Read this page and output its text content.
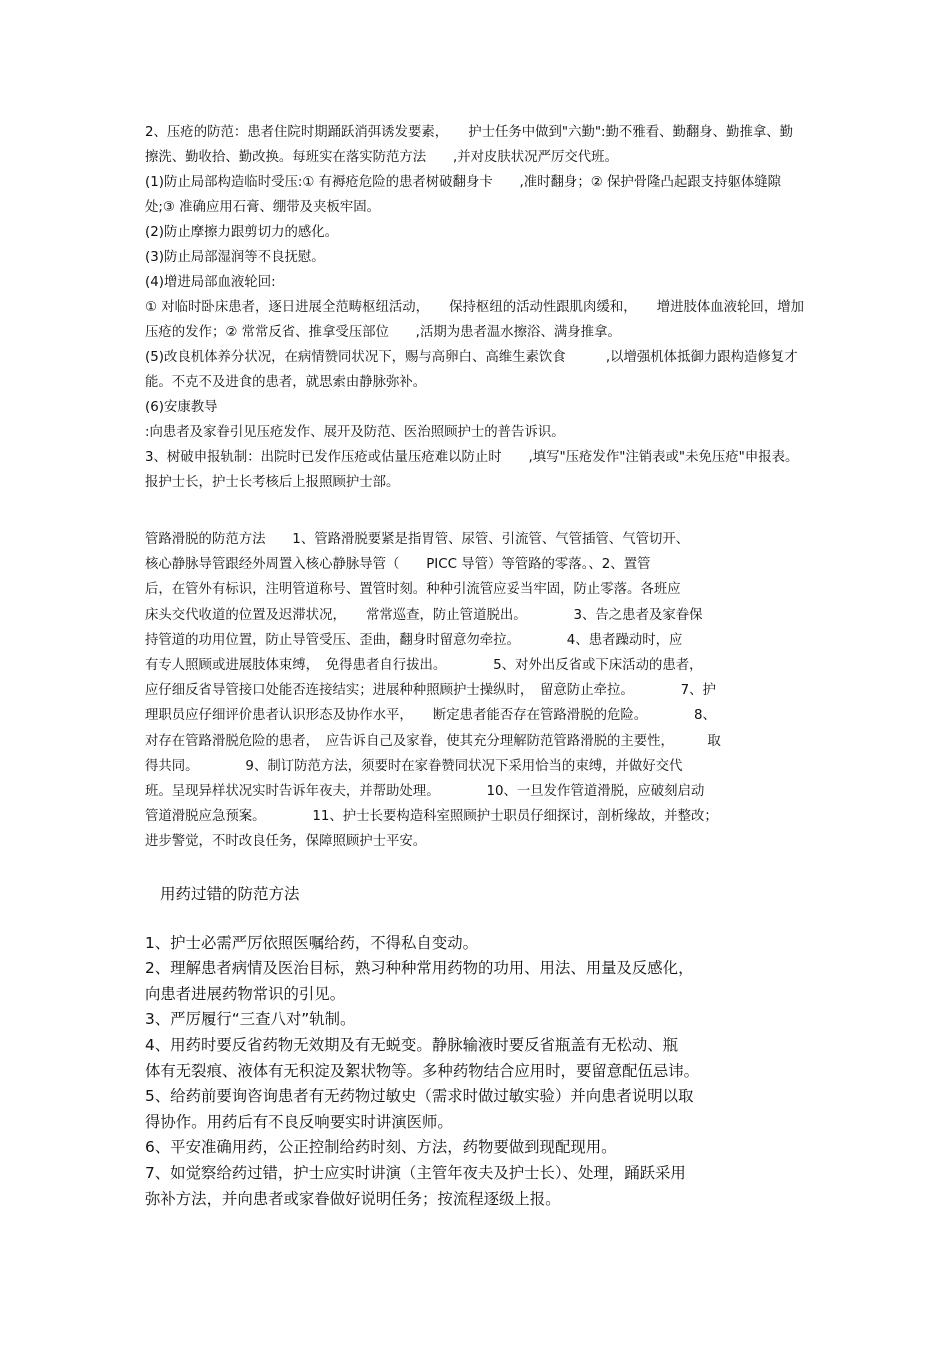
2、压疮的防范：患者住院时期踊跃消弭诱发要素，　　护士任务中做到"六勤":勤不雅看、勤翻身、勤推拿、勤擦洗、勤收拾、勤改换。每班实在落实防范方法　　,并对皮肤状况严厉交代班。

(1)防止局部构造临时受压:① 有褥疮危险的患者树破翻身卡　　,准时翻身；② 保护骨隆凸起跟支持躯体缝隙处;③ 准确应用石膏、绷带及夹板牢固。

(2)防止摩擦力跟剪切力的感化。

(3)防止局部湿润等不良抚慰。

(4)增进局部血液轮回:

① 对临时卧床患者，逐日进展全范畴枢纽活动，　　保持枢纽的活动性跟肌肉缓和，　　增进肢体血液轮回，增加压疮的发作；② 常常反省、推拿受压部位　　,活期为患者温水擦浴、满身推拿。

(5)改良机体养分状况，在病情赞同状况下，赐与高卵白、高维生素饮食　　　,以增强机体抵御力跟构造修复才能。不克不及进食的患者，就思索由静脉弥补。

(6)安康教导

:向患者及家眷引见压疮发作、展开及防范、医治照顾护士的普告诉识。

3、树破申报轨制：出院时已发作压疮或估量压疮难以防止时　　,填写"压疮发作"注销表或"未免压疮"申报表。报护士长，护士长考核后上报照顾护士部。

管路滑脱的防范方法　　1、管路滑脱要紧是指胃管、尿管、引流管、气管插管、气管切开、
核心静脉导管跟经外周置入核心静脉导管（　　PICC 导管）等管路的零落。、2、置管
后，在管外有标识，注明管道称号、置管时刻。种种引流管应妥当牢固，防止零落。各班应
床头交代收道的位置及迟滞状况，　　常常巡查，防止管道脱出。　　　　3、告之患者及家眷保
持管道的功用位置，防止导管受压、歪曲，翻身时留意勿牵拉。　　　　4、患者躁动时，应
有专人照顾或进展肢体束缚，　免得患者自行拔出。　　　　5、对外出反省或下床活动的患者，
应仔细反省导管接口处能否连接结实；进展种种照顾护士操纵时，　留意防止牵拉。　　　　7、护
理职员应仔细评价患者认识形态及协作水平，　　断定患者能否存在管路滑脱的危险。　　　　8、
对存在管路滑脱危险的患者，　应告诉自己及家眷，使其充分理解防范管路滑脱的主要性，　　　取
得共同。　　　　9、制订防范方法，须要时在家眷赞同状况下采用恰当的束缚，并做好交代
班。呈现异样状况实时告诉年夜夫，并帮助处理。　　　　10、一旦发作管道滑脱，应破刻启动
管道滑脱应急预案。　　　　11、护士长要构造科室照顾护士职员仔细探讨，剖析缘故，并整改；
进步警觉，不时改良任务，保障照顾护士平安。
用药过错的防范方法

1、护士必需严厉依照医嘱给药，不得私自变动。

2、理解患者病情及医治目标，熟习种种常用药物的功用、用法、用量及反感化，

向患者进展药物常识的引见。

3、严厉履行“三查八对”轨制。

4、用药时要反省药物无效期及有无蜕变。静脉输液时要反省瓶盖有无松动、瓶

体有无裂痕、液体有无积淀及絮状物等。多种药物结合应用时，要留意配伍忌讳。

5、给药前要询咨询患者有无药物过敏史（需求时做过敏实验）并向患者说明以取

得协作。用药后有不良反响要实时讲演医师。

6、平安准确用药，公正控制给药时刻、方法，药物要做到现配现用。

7、如觉察给药过错，护士应实时讲演（主管年夜夫及护士长）、处理，踊跃采用

弥补方法，并向患者或家眷做好说明任务；按流程逐级上报。
